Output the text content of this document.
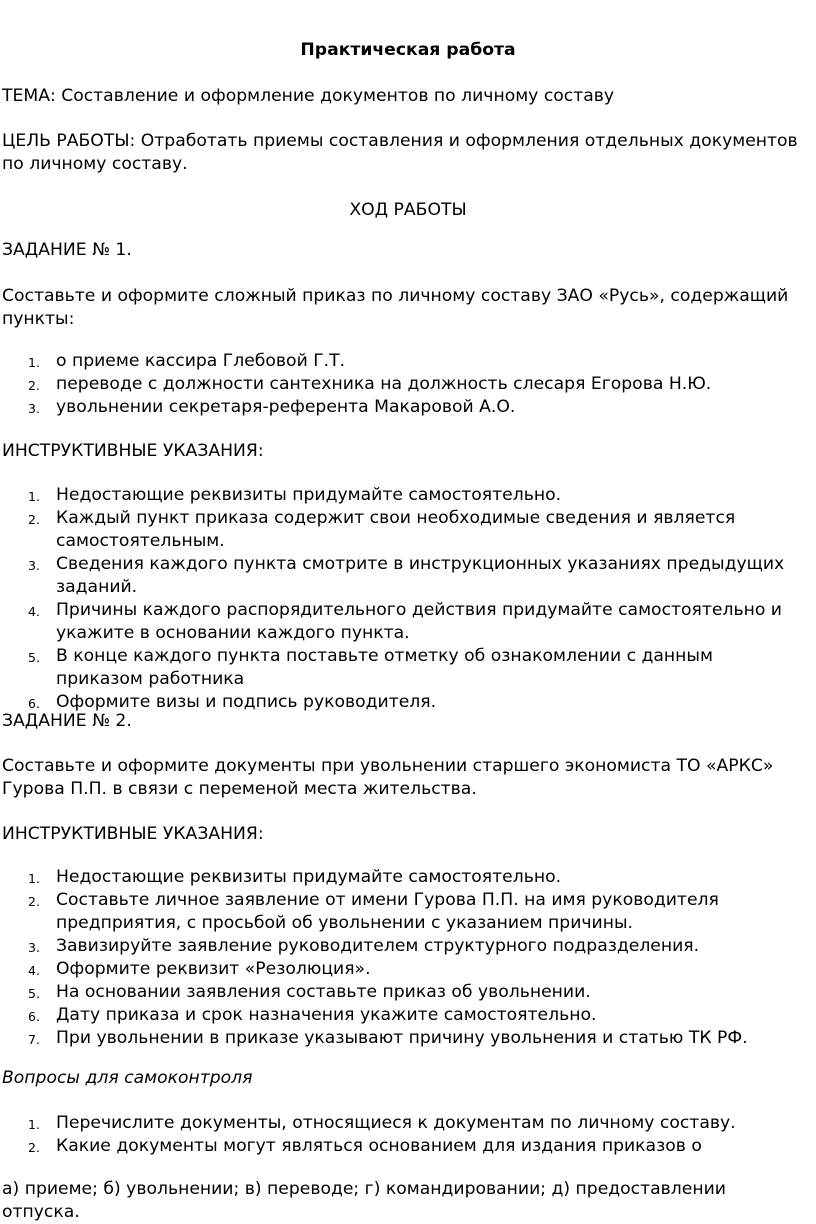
Практическая работа

ТЕМА: Составление и оформление документов по личному составу

ЦЕЛЬ РАБОТЫ: Отработать приемы составления и оформления отдельных документов по личному составу.

ХОД РАБОТЫ

ЗАДАНИЕ № 1.

Составьте и оформите сложный приказ по личному составу ЗАО «Русь», содержащий пункты:

1. о приеме кассира Глебовой Г.Т.
2. переводе с должности сантехника на должность слесаря Егорова Н.Ю.
3. увольнении секретаря-референта Макаровой А.О.

ИНСТРУКТИВНЫЕ УКАЗАНИЯ:

1. Недостающие реквизиты придумайте самостоятельно.
2. Каждый пункт приказа содержит свои необходимые сведения и является самостоятельным.
3. Сведения каждого пункта смотрите в инструкционных указаниях предыдущих заданий.
4. Причины каждого распорядительного действия придумайте самостоятельно и укажите в основании каждого пункта.
5. В конце каждого пункта поставьте отметку об ознакомлении с данным приказом работника
6. Оформите визы и подпись руководителя.

ЗАДАНИЕ № 2.

Составьте и оформите документы при увольнении старшего экономиста ТО «АРКС» Гурова П.П. в связи с переменой места жительства.

ИНСТРУКТИВНЫЕ УКАЗАНИЯ:

1. Недостающие реквизиты придумайте самостоятельно.
2. Составьте личное заявление от имени Гурова П.П. на имя руководителя предприятия, с просьбой об увольнении с указанием причины.
3. Завизируйте заявление руководителем структурного подразделения.
4. Оформите реквизит «Резолюция».
5. На основании заявления составьте приказ об увольнении.
6. Дату приказа и срок назначения укажите самостоятельно.
7. При увольнении в приказе указывают причину увольнения и статью ТК РФ.

Вопросы для самоконтроля

1. Перечислите документы, относящиеся к документам по личному составу.
2. Какие документы могут являться основанием для издания приказов о

а) приеме; б) увольнении; в) переводе; г) командировании; д) предоставлении отпуска.
